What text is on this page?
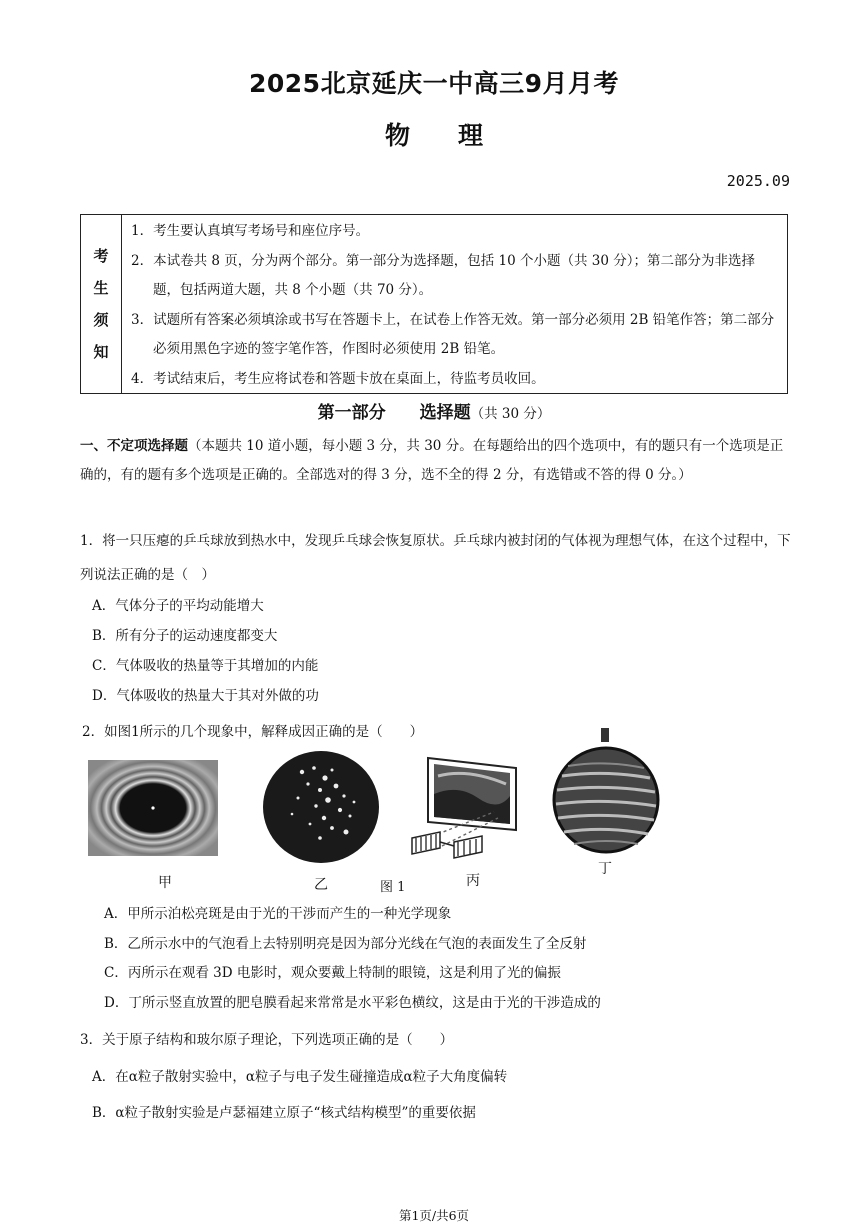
2025北京延庆一中高三9月月考
物理
2025.09
考
生
须
知
1．考生要认真填写考场号和座位序号。
2．本试卷共 8 页，分为两个部分。第一部分为选择题，包括 10 个小题（共 30 分）；第二部分为非选择题，包括两道大题，共 8 个小题（共 70 分）。
3．试题所有答案必须填涂或书写在答题卡上，在试卷上作答无效。第一部分必须用 2B 铅笔作答；第二部分必须用黑色字迹的签字笔作答，作图时必须使用 2B 铅笔。
4．考试结束后，考生应将试卷和答题卡放在桌面上，待监考员收回。
第一部分　　选择题（共 30 分）
一、不定项选择题（本题共 10 道小题，每小题 3 分，共 30 分。在每题给出的四个选项中，有的题只有一个选项是正确的，有的题有多个选项是正确的。全部选对的得 3 分，选不全的得 2 分，有选错或不答的得 0 分。）
1．将一只压瘪的乒乓球放到热水中，发现乒乓球会恢复原状。乒乓球内被封闭的气体视为理想气体，在这个过程中，下列说法正确的是（　）
A．气体分子的平均动能增大
B．所有分子的运动速度都变大
C．气体吸收的热量等于其增加的内能
D．气体吸收的热量大于其对外做的功
2．如图1所示的几个现象中，解释成因正确的是（　　）
甲	乙	图 1	丙
丁
A．甲所示泊松亮斑是由于光的干涉而产生的一种光学现象
B．乙所示水中的气泡看上去特别明亮是因为部分光线在气泡的表面发生了全反射
C．丙所示在观看 3D 电影时，观众要戴上特制的眼镜，这是利用了光的偏振
D．丁所示竖直放置的肥皂膜看起来常常是水平彩色横纹，这是由于光的干涉造成的
3．关于原子结构和玻尔原子理论，下列选项正确的是（　　）
A．在α粒子散射实验中，α粒子与电子发生碰撞造成α粒子大角度偏转
B．α粒子散射实验是卢瑟福建立原子“核式结构模型”的重要依据
第1页/共6页
